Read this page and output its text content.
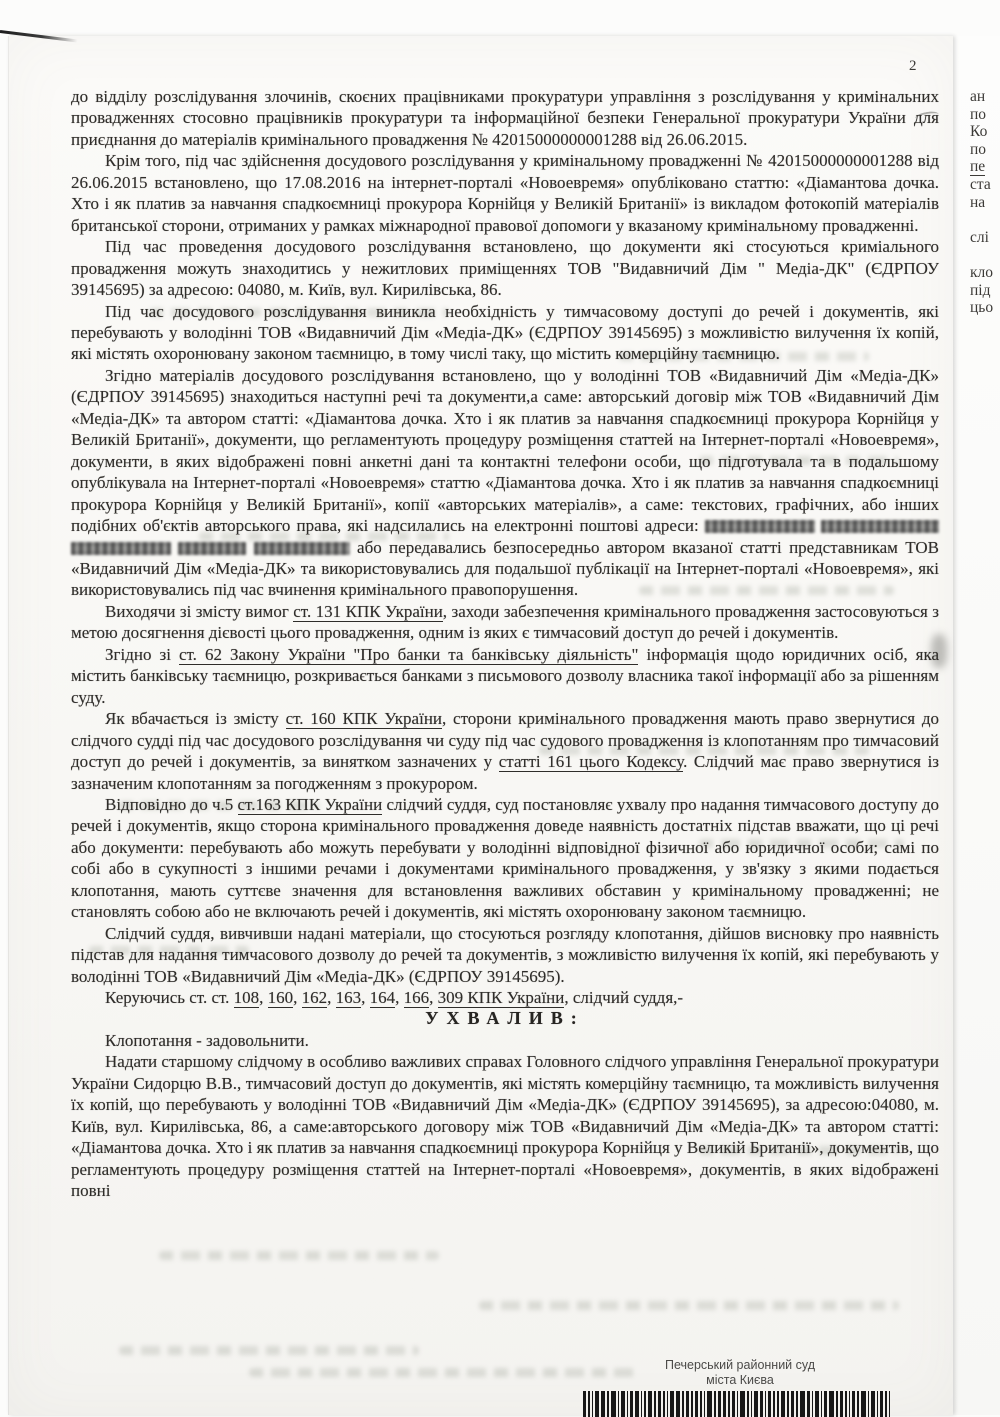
ан
по
Ко
по
пе
ста
на
слі
кло
під
цьо
2

до відділу розслідування злочинів, скоєних працівниками прокуратури управління з розслідування у кримінальних провадженнях стосовно працівників прокуратури та інформаційної безпеки Генеральної прокуратури України для приєднання до матеріалів кримінального провадження № 42015000000001288 від 26.06.2015.

Крім того, під час здійснення досудового розслідування у кримінальному провадженні № 42015000000001288 від 26.06.2015 встановлено, що 17.08.2016 на інтернет-порталі «Новоевремя» опубліковано статтю: «Діамантова дочка. Хто і як платив за навчання спадкоємниці прокурора Корнійця у Великій Британії» із викладом фотокопій матеріалів британської сторони, отриманих у рамках міжнародної правової допомоги у вказаному кримінальному провадженні.

Під час проведення досудового розслідування встановлено, що документи які стосуються криміального провадження можуть знаходитись у нежитлових приміщеннях ТОВ "Видавничий Дім " Медіа-ДК" (ЄДРПОУ 39145695) за адресою: 04080, м. Київ, вул. Кирилівська, 86.

Під час досудового розслідування виникла необхідність у тимчасовому доступі до речей і документів, які перебувають у володінні ТОВ «Видавничий Дім «Медіа-ДК» (ЄДРПОУ 39145695) з можливістю вилучення їх копій, які містять охоронювану законом таємницю, в тому числі таку, що містить комерційну таємницю.

Згідно матеріалів досудового розслідування встановлено, що у володінні ТОВ «Видавничий Дім «Медіа-ДК» (ЄДРПОУ 39145695) знаходиться наступні речі та документи,а саме: авторський договір між ТОВ «Видавничий Дім «Медіа-ДК» та автором статті: «Діамантова дочка. Хто і як платив за навчання спадкоємниці прокурора Корнійця у Великій Британії», документи, що регламентують процедуру розміщення статтей на Інтернет-порталі «Новоевремя», документи, в яких відображені повні анкетні дані та контактні телефони особи, що підготувала та в подальшому опублікувала на Інтернет-порталі «Новоевремя» статтю «Діамантова дочка. Хто і як платив за навчання спадкоємниці прокурора Корнійця у Великій Британії», копії «авторських матеріалів», а саме: текстових, графічних, або інших подібних об'єктів авторського права, які надсилались на електронні поштові адреси:      або передавались безпосередньо автором вказаної статті представникам ТОВ «Видавничий Дім «Медіа-ДК» та використовувались для подальшої публікації на Інтернет-порталі «Новоевремя», які використовувались під час вчинення кримінального правопорушення.

Виходячи зі змісту вимог ст. 131 КПК України, заходи забезпечення кримінального провадження застосовуються з метою досягнення дієвості цього провадження, одним із яких є тимчасовий доступ до речей і документів.

Згідно зі ст. 62 Закону України "Про банки та банківську діяльність" інформація щодо юридичних осіб, яка містить банківську таємницю, розкривається банками з письмового дозволу власника такої інформації або за рішенням суду.

Як вбачається із змісту ст. 160 КПК України, сторони кримінального провадження мають право звернутися до слідчого судді під час досудового розслідування чи суду під час судового провадження із клопотанням про тимчасовий доступ до речей і документів, за винятком зазначених у статті 161 цього Кодексу. Слідчий має право звернутися із зазначеним клопотанням за погодженням з прокурором.

Відповідно до ч.5 ст.163 КПК України слідчий суддя, суд постановляє ухвалу про надання тимчасового доступу до речей і документів, якщо сторона кримінального провадження доведе наявність достатніх підстав вважати, що ці речі або документи: перебувають або можуть перебувати у володінні відповідної фізичної або юридичної особи; самі по собі або в сукупності з іншими речами і документами кримінального провадження, у зв'язку з якими подається клопотання, мають суттєве значення для встановлення важливих обставин у кримінальному провадженні; не становлять собою або не включають речей і документів, які містять охоронювану законом таємницю.

Слідчий суддя, вивчивши надані матеріали, що стосуються розгляду клопотання, дійшов висновку про наявність підстав для надання тимчасового дозволу до речей та документів, з можливістю вилучення їх копій, які перебувають у володінні ТОВ «Видавничий Дім «Медіа-ДК» (ЄДРПОУ 39145695).

Керуючись ст. ст. 108, 160, 162, 163, 164, 166, 309 КПК України, слідчий суддя,-

УХВАЛИВ:

Клопотання - задовольнити.

Надати старшому слідчому в особливо важливих справах Головного слідчого управління Генеральної прокуратури України Сидорцю В.В., тимчасовий доступ до документів, які містять комерційну таємницю, та можливість вилучення їх копій, що перебувають у володінні ТОВ «Видавничий Дім «Медіа-ДК» (ЄДРПОУ 39145695), за адресою:04080, м. Київ, вул. Кирилівська, 86, а саме:авторського договору між ТОВ «Видавничий Дім «Медіа-ДК» та автором статті: «Діамантова дочка. Хто і як платив за навчання спадкоємниці прокурора Корнійця у Великій Британії», документів, що регламентують процедуру розміщення статтей на Інтернет-порталі «Новоевремя», документів, в яких відображені повні

Печерський районний суд
міста Києва
